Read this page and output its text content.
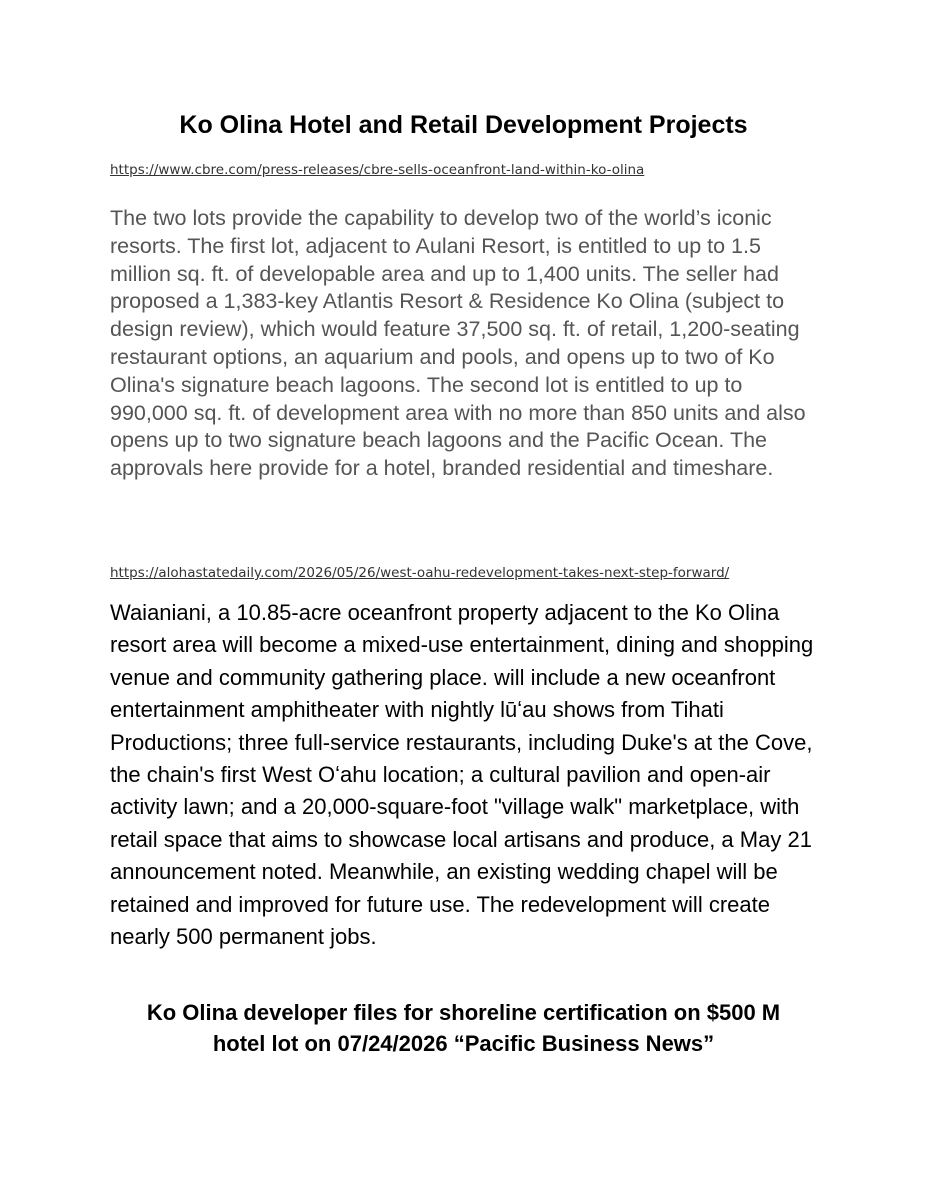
Ko Olina Hotel and Retail Development Projects
https://www.cbre.com/press-releases/cbre-sells-oceanfront-land-within-ko-olina

The two lots provide the capability to develop two of the world’s iconic resorts. The first lot, adjacent to Aulani Resort, is entitled to up to 1.5 million sq. ft. of developable area and up to 1,400 units. The seller had proposed a 1,383-key Atlantis Resort & Residence Ko Olina (subject to design review), which would feature 37,500 sq. ft. of retail, 1,200-seating restaurant options, an aquarium and pools, and opens up to two of Ko Olina's signature beach lagoons. The second lot is entitled to up to 990,000 sq. ft. of development area with no more than 850 units and also opens up to two signature beach lagoons and the Pacific Ocean. The approvals here provide for a hotel, branded residential and timeshare.

https://alohastatedaily.com/2026/05/26/west-oahu-redevelopment-takes-next-step-forward/

Waianiani, a 10.85-acre oceanfront property adjacent to the Ko Olina resort area will become a mixed-use entertainment, dining and shopping venue and community gathering place. will include a new oceanfront entertainment amphitheater with nightly lūʻau shows from Tihati Productions; three full-service restaurants, including Duke's at the Cove, the chain's first West Oʻahu location; a cultural pavilion and open-air activity lawn; and a 20,000-square-foot "village walk" marketplace, with retail space that aims to showcase local artisans and produce, a May 21 announcement noted. Meanwhile, an existing wedding chapel will be retained and improved for future use. The redevelopment will create nearly 500 permanent jobs.

Ko Olina developer files for shoreline certification on $500 M
hotel lot on 07/24/2026 “Pacific Business News”
